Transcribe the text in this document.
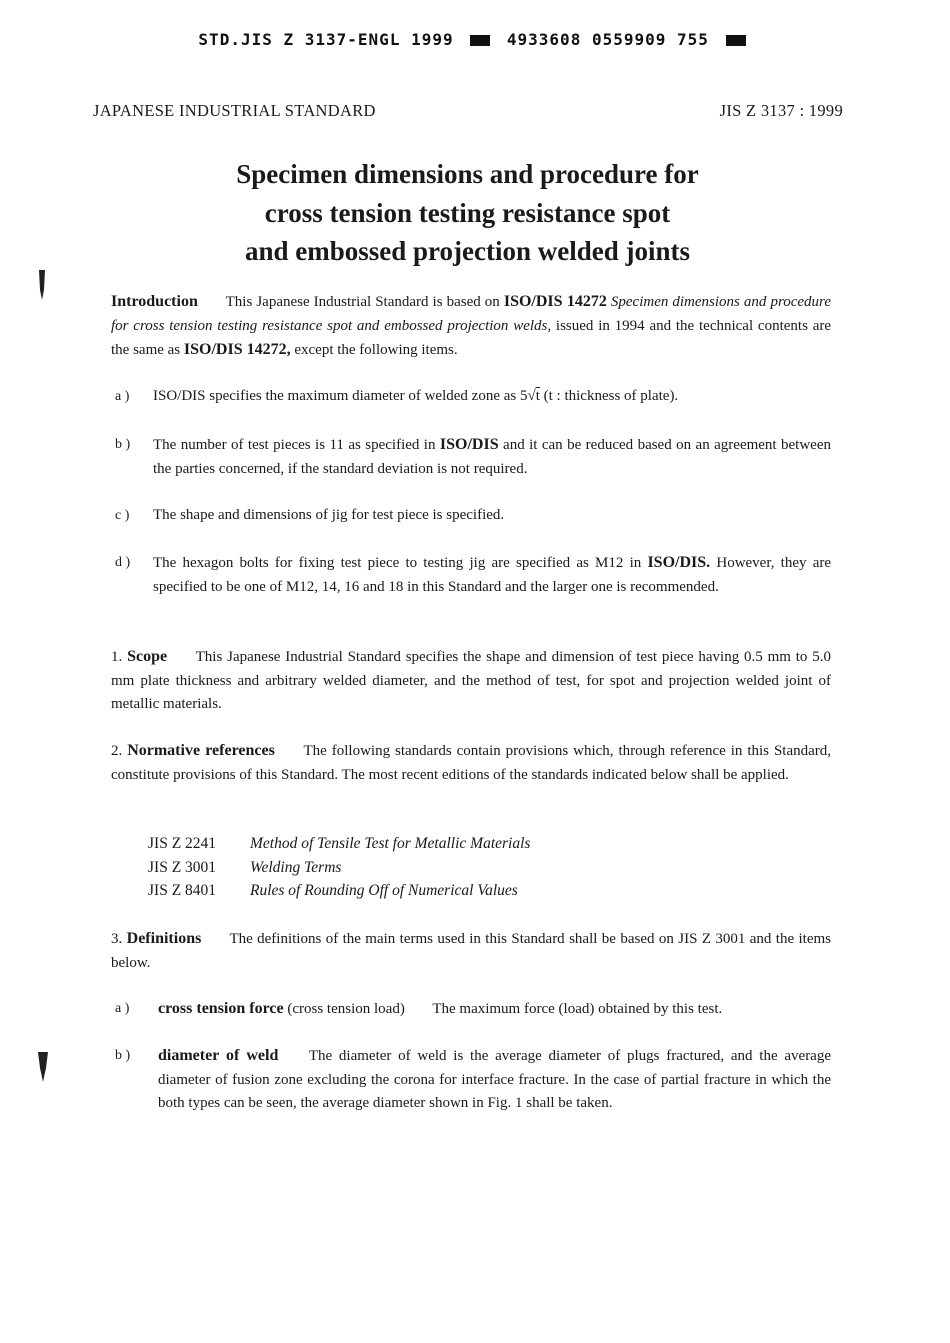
STD.JIS Z 3137-ENGL 1999	4933608 0559909 755
JAPANESE INDUSTRIAL STANDARD	JIS Z 3137 : 1999
Specimen dimensions and procedure for
cross tension testing resistance spot
and embossed projection welded joints
Introduction This Japanese Industrial Standard is based on ISO/DIS 14272 Specimen dimensions and procedure for cross tension testing resistance spot and embossed projection welds, issued in 1994 and the technical contents are the same as ISO/DIS 14272, except the following items.
a )	ISO/DIS specifies the maximum diameter of welded zone as 5√t (t : thickness of plate).
b )	The number of test pieces is 11 as specified in ISO/DIS and it can be reduced based on an agreement between the parties concerned, if the standard deviation is not required.
c )	The shape and dimensions of jig for test piece is specified.
d )	The hexagon bolts for fixing test piece to testing jig are specified as M12 in ISO/DIS. However, they are specified to be one of M12, 14, 16 and 18 in this Standard and the larger one is recommended.
1. Scope This Japanese Industrial Standard specifies the shape and dimension of test piece having 0.5 mm to 5.0 mm plate thickness and arbitrary welded diameter, and the method of test, for spot and projection welded joint of metallic materials.
2. Normative references The following standards contain provisions which, through reference in this Standard, constitute provisions of this Standard. The most recent editions of the standards indicated below shall be applied.
JIS Z 2241 Method of Tensile Test for Metallic Materials
JIS Z 3001 Welding Terms
JIS Z 8401 Rules of Rounding Off of Numerical Values
3. Definitions The definitions of the main terms used in this Standard shall be based on JIS Z 3001 and the items below.
a )	cross tension force (cross tension load) The maximum force (load) obtained by this test.
b )	diameter of weld The diameter of weld is the average diameter of plugs fractured, and the average diameter of fusion zone excluding the corona for interface fracture. In the case of partial fracture in which the both types can be seen, the average diameter shown in Fig. 1 shall be taken.
